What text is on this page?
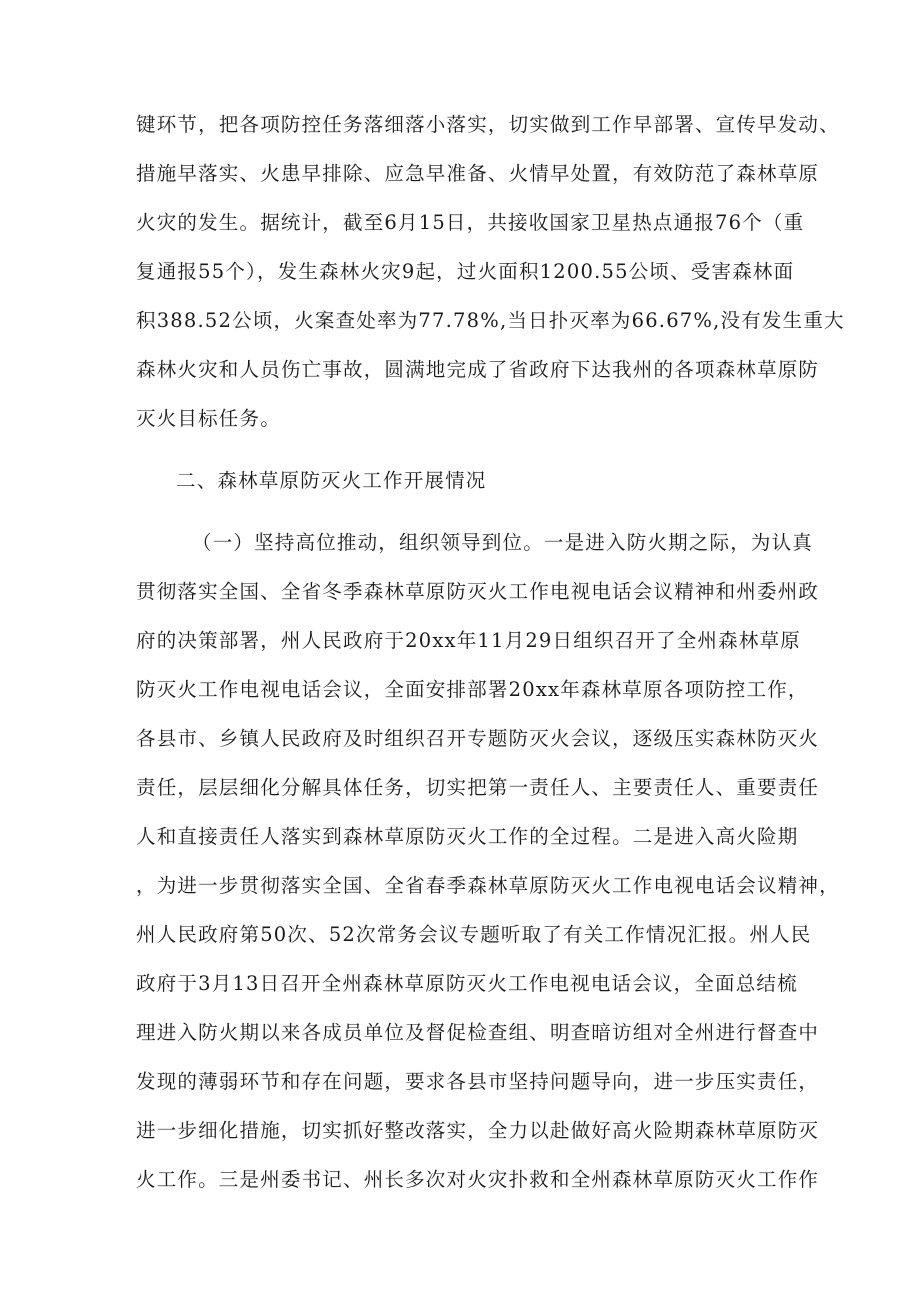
键环节，把各项防控任务落细落小落实，切实做到工作早部署、宣传早发动、
措施早落实、火患早排除、应急早准备、火情早处置，有效防范了森林草原
火灾的发生。据统计，截至6月15日，共接收国家卫星热点通报76个（重
复通报55个），发生森林火灾9起，过火面积1200.55公顷、受害森林面
积388.52公顷，火案查处率为77.78%,当日扑灭率为66.67%,没有发生重大
森林火灾和人员伤亡事故，圆满地完成了省政府下达我州的各项森林草原防
灭火目标任务。
二、森林草原防灭火工作开展情况
（一）坚持高位推动，组织领导到位。一是进入防火期之际，为认真
贯彻落实全国、全省冬季森林草原防灭火工作电视电话会议精神和州委州政
府的决策部署，州人民政府于20xx年11月29日组织召开了全州森林草原
防灭火工作电视电话会议，全面安排部署20xx年森林草原各项防控工作，
各县市、乡镇人民政府及时组织召开专题防灭火会议，逐级压实森林防灭火
责任，层层细化分解具体任务，切实把第一责任人、主要责任人、重要责任
人和直接责任人落实到森林草原防灭火工作的全过程。二是进入高火险期
，为进一步贯彻落实全国、全省春季森林草原防灭火工作电视电话会议精神，
州人民政府第50次、52次常务会议专题听取了有关工作情况汇报。州人民
政府于3月13日召开全州森林草原防灭火工作电视电话会议，全面总结梳
理进入防火期以来各成员单位及督促检查组、明查暗访组对全州进行督查中
发现的薄弱环节和存在问题，要求各县市坚持问题导向，进一步压实责任，
进一步细化措施，切实抓好整改落实，全力以赴做好高火险期森林草原防灭
火工作。三是州委书记、州长多次对火灾扑救和全州森林草原防灭火工作作
